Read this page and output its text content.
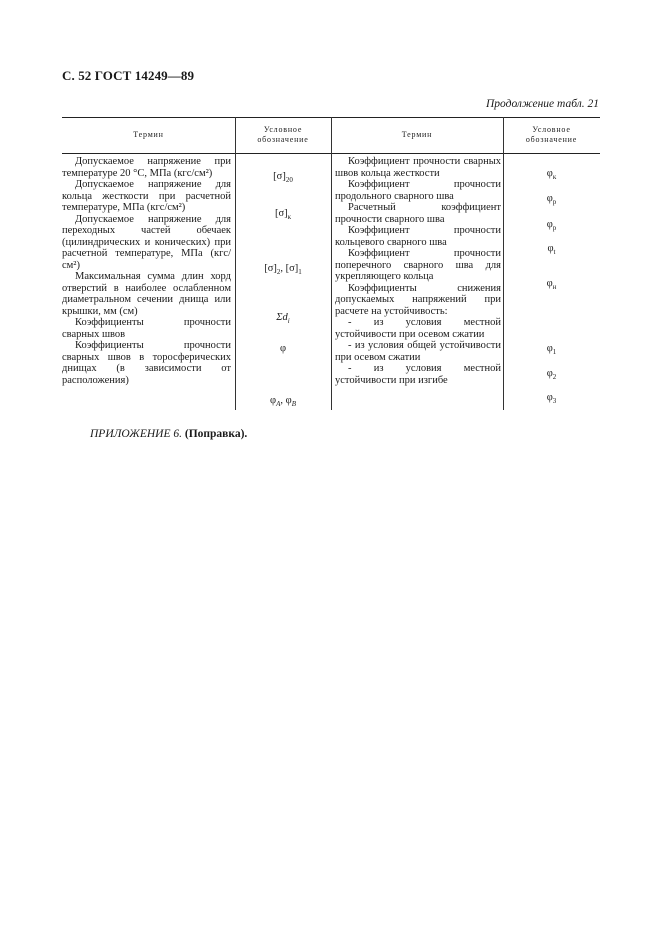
С. 52 ГОСТ 14249—89
Продолжение табл. 21
Термин
Условное
обозначение
Термин
Условное
обозначение

Допускаемое напряжение при температуре 20 °С, МПа (кгс/см²)

Допускаемое напряжение для кольца жесткости при расчетной температуре, МПа (кгс/см²)

Допускаемое напряжение для переходных частей обечаек (цилиндрических и конических) при расчетной температуре, МПа (кгс/см²)

Максимальная сумма длин хорд отверстий в наиболее ослабленном диаметральном сечении днища или крышки, мм (см)

Коэффициенты прочности сварных швов

Коэффициенты прочности сварных швов в торосферических днищах (в зависимости от расположения)

$[\sigma]_{20}$
$[\sigma]_к$
$[\sigma]_2$, $[\sigma]_1$
$\Sigma d_i$
φ
$\varphi_A$, $\varphi_B$

Коэффициент прочности сварных швов кольца жесткости

Коэффициент прочности продольного сварного шва

Расчетный коэффициент прочности сварного шва

Коэффициент прочности кольцевого сварного шва

Коэффициент прочности поперечного сварного шва для укрепляющего кольца

Коэффициенты снижения допускаемых напряжений при расчете на устойчивость:

- из условия местной устойчивости при осевом сжатии

- из условия общей устойчивости при осевом сжатии

- из условия местной устойчивости при изгибе

$\varphi_к$
$\varphi_p$
$\varphi_р$
$\varphi_t$
$\varphi_н$
$\varphi_1$
$\varphi_2$
$\varphi_3$
ПРИЛОЖЕНИЕ 6. (Поправка).
